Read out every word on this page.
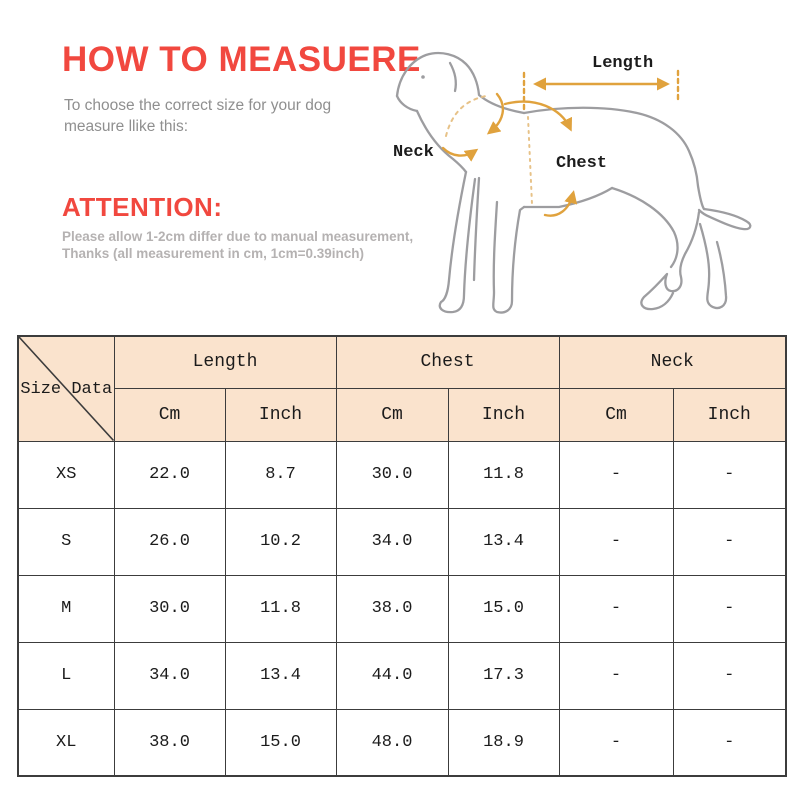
HOW TO MEASUERE

To choose the correct size for your dog
measure llike this:

ATTENTION:

Please allow 1-2cm differ due to manual measurement,
Thanks (all measurement in cm, 1cm=0.39inch)

Length
Neck
Chest
Size Data	Length		Chest		Neck	
	Cm	Inch	Cm	Inch	Cm	Inch
XS	22.0	8.7	30.0	11.8	-	-
S	26.0	10.2	34.0	13.4	-	-
M	30.0	11.8	38.0	15.0	-	-
L	34.0	13.4	44.0	17.3	-	-
XL	38.0	15.0	48.0	18.9	-	-
